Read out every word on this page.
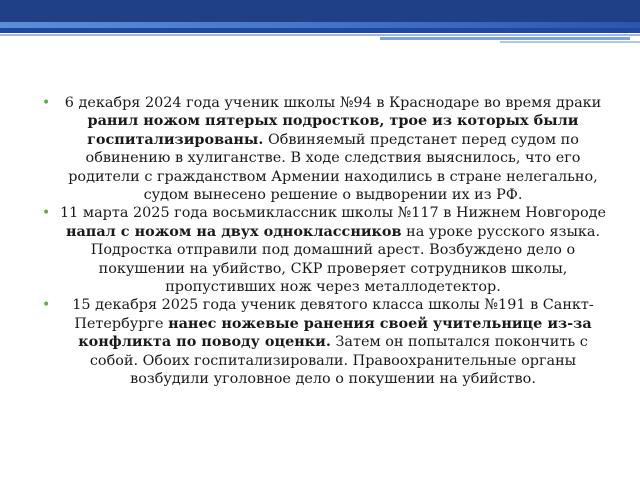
• 6 декабря 2024 года ученик школы №94 в Краснодаре во время драки ранил ножом пятерых подростков, трое из которых были госпитализированы. Обвиняемый предстанет перед судом по обвинению в хулиганстве. В ходе следствия выяснилось, что его родители с гражданством Армении находились в стране нелегально, судом вынесено решение о выдворении их из РФ.
• 11 марта 2025 года восьмиклассник школы №117 в Нижнем Новгороде напал с ножом на двух одноклассников на уроке русского языка. Подростка отправили под домашний арест. Возбуждено дело о покушении на убийство, СКР проверяет сотрудников школы, пропустивших нож через металлодетектор.
• 15 декабря 2025 года ученик девятого класса школы №191 в Санкт-Петербурге нанес ножевые ранения своей учительнице из-за конфликта по поводу оценки. Затем он попытался покончить с собой. Обоих госпитализировали. Правоохранительные органы возбудили уголовное дело о покушении на убийство.
